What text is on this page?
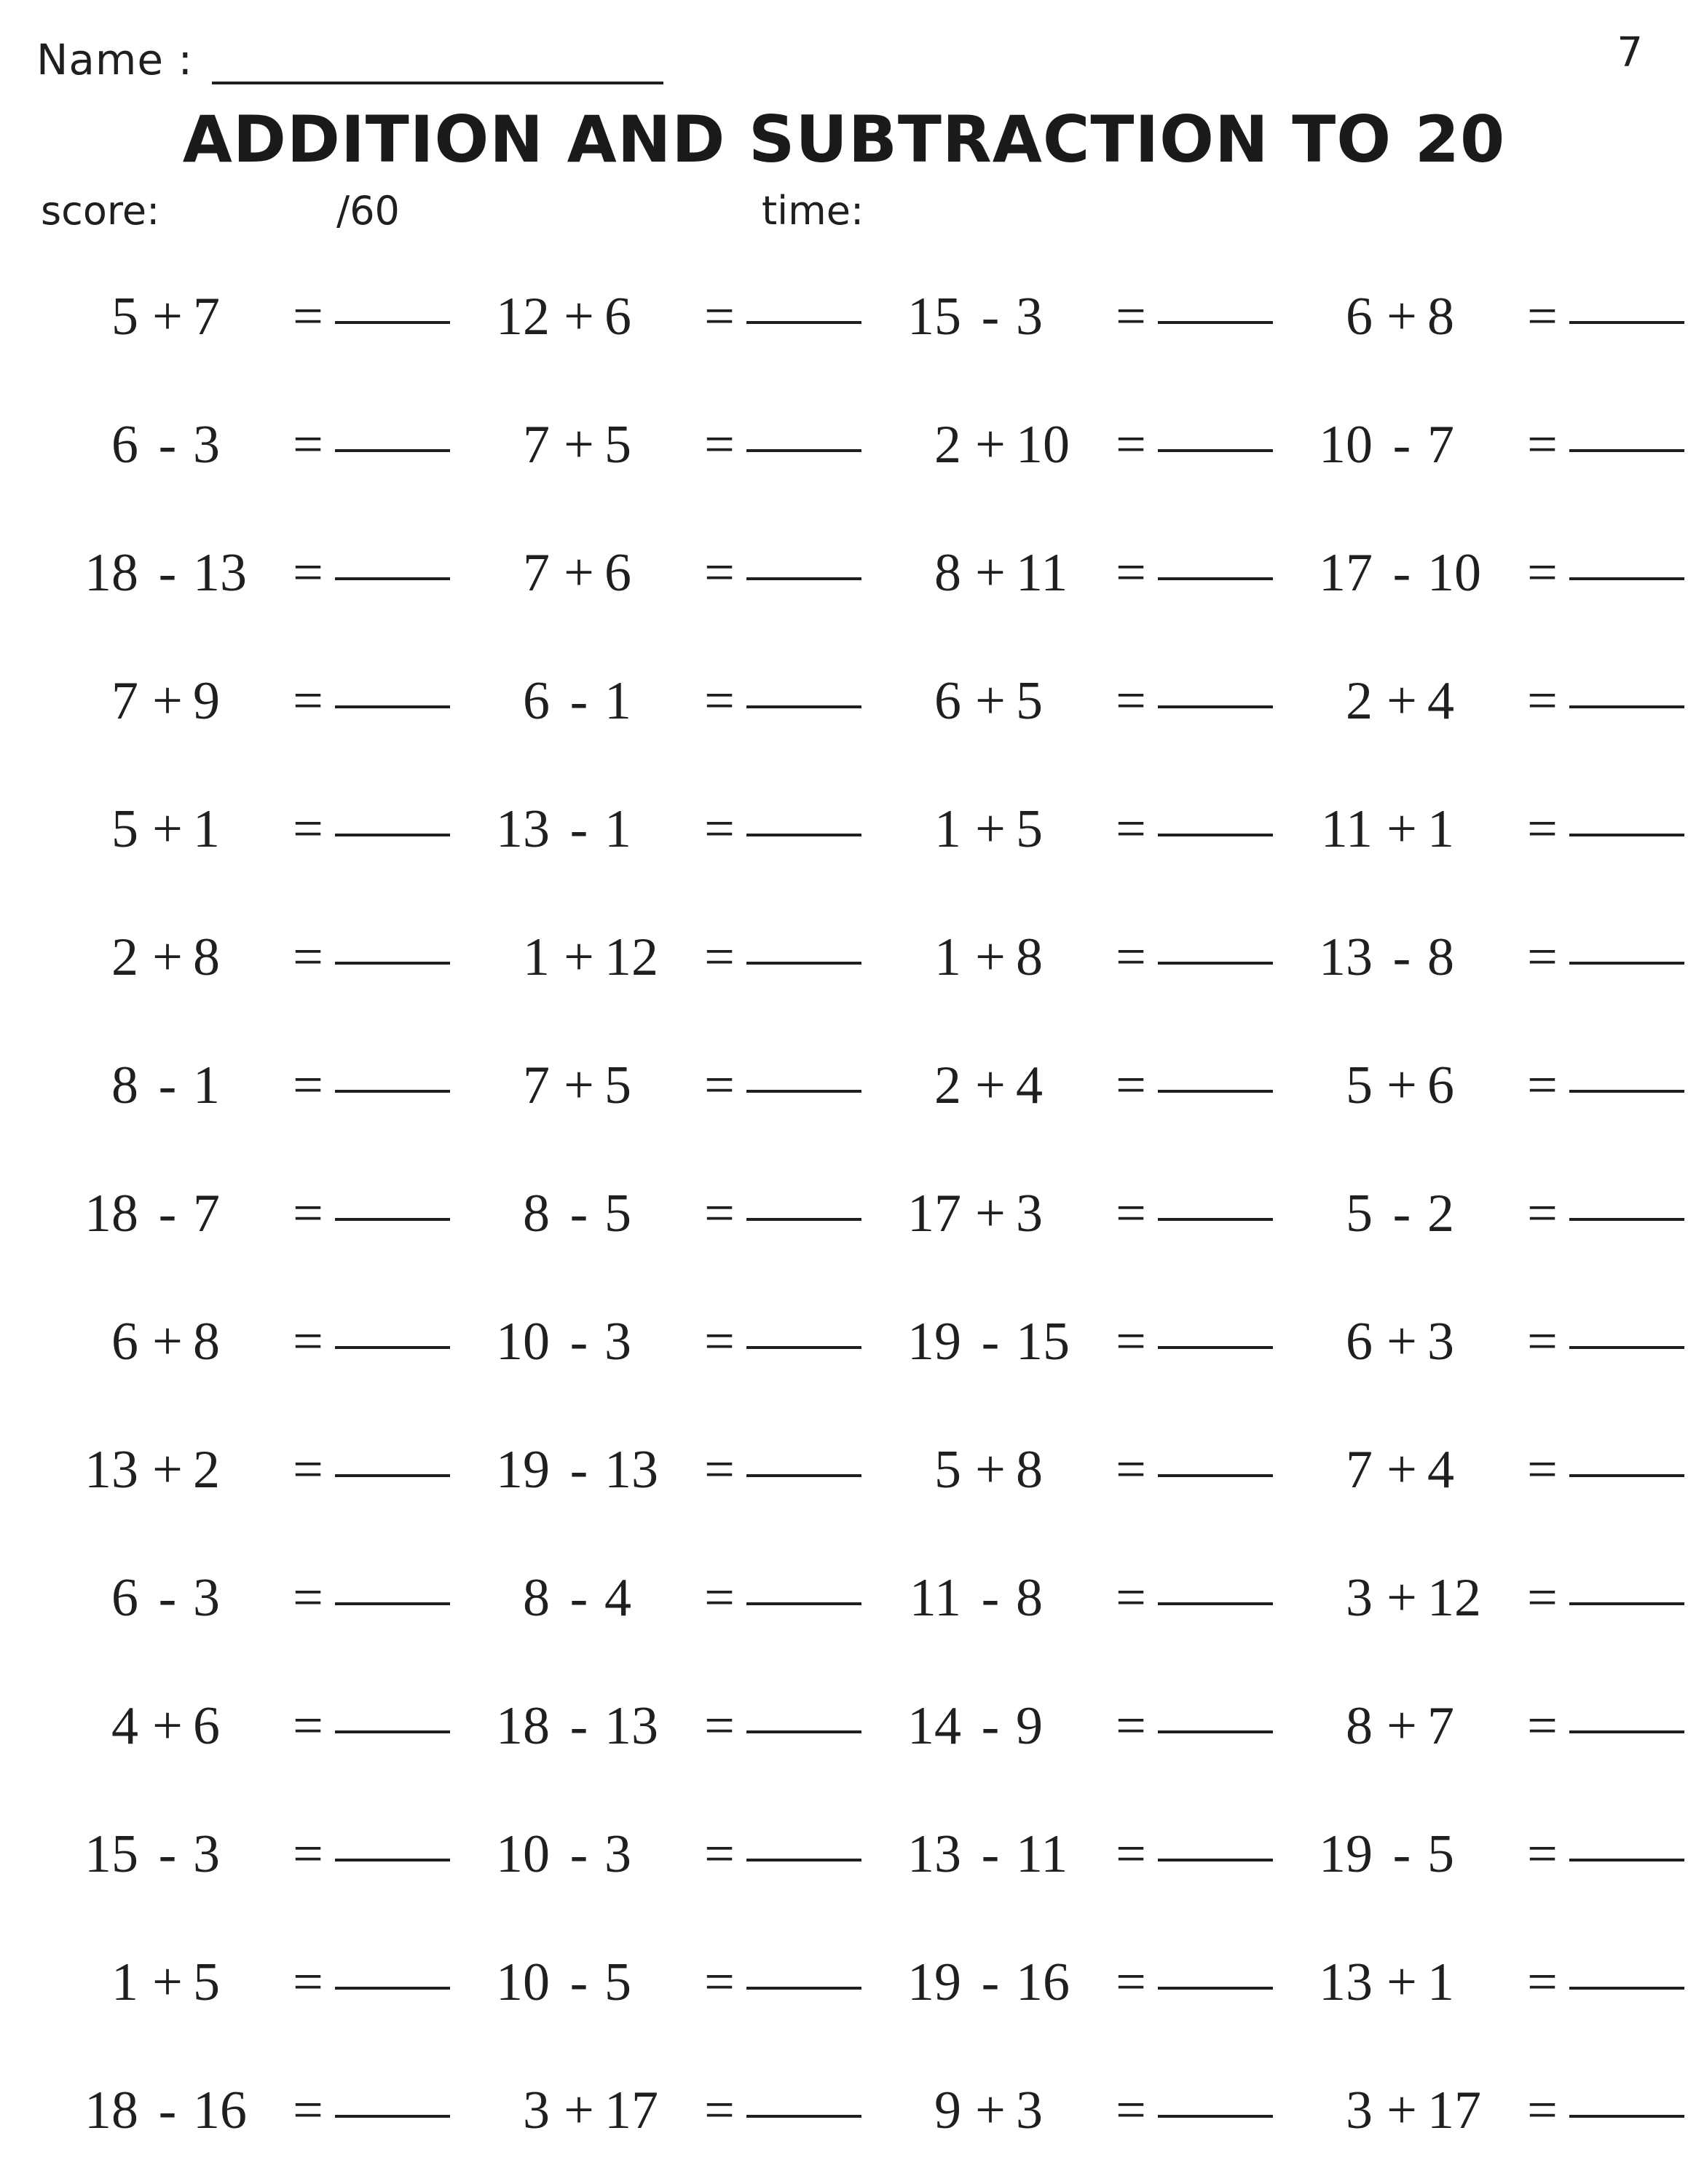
Name :	7
ADDITION AND SUBTRACTION TO 20
score:	/60	time:
5 + 7	=	12 + 6	=	15 - 3	=	6 + 8	=
6 - 3	=	7 + 5	=	2 + 10 =	10 - 7	=
18 - 13 =	7 + 6	=	8 + 11 =	17 - 10 =
7 + 9	=	6 - 1	=	6 + 5	=	2 + 4	=
5 + 1	=	13 - 1	=	1 + 5	=	11 + 1	=
2 + 8	=	1 + 12 =	1 + 8	=	13 - 8	=
8 - 1	=	7 + 5	=	2 + 4	=	5 + 6	=
18 - 7	=	8 - 5	=	17 + 3	=	5 - 2	=
6 + 8	=	10 - 3	=	19 - 15 =	6 + 3	=
13 + 2	=	19 - 13 =	5 + 8	=	7 + 4	=
6 - 3	=	8 - 4	=	11 - 8	=	3 + 12 =
4 + 6	=	18 - 13 =	14 - 9	=	8 + 7	=
15 - 3	=	10 - 3	=	13 - 11 =	19 - 5	=
1 + 5	=	10 - 5	=	19 - 16 =	13 + 1	=
18 - 16 =	3 + 17 =	9 + 3	=	3 + 17 =
